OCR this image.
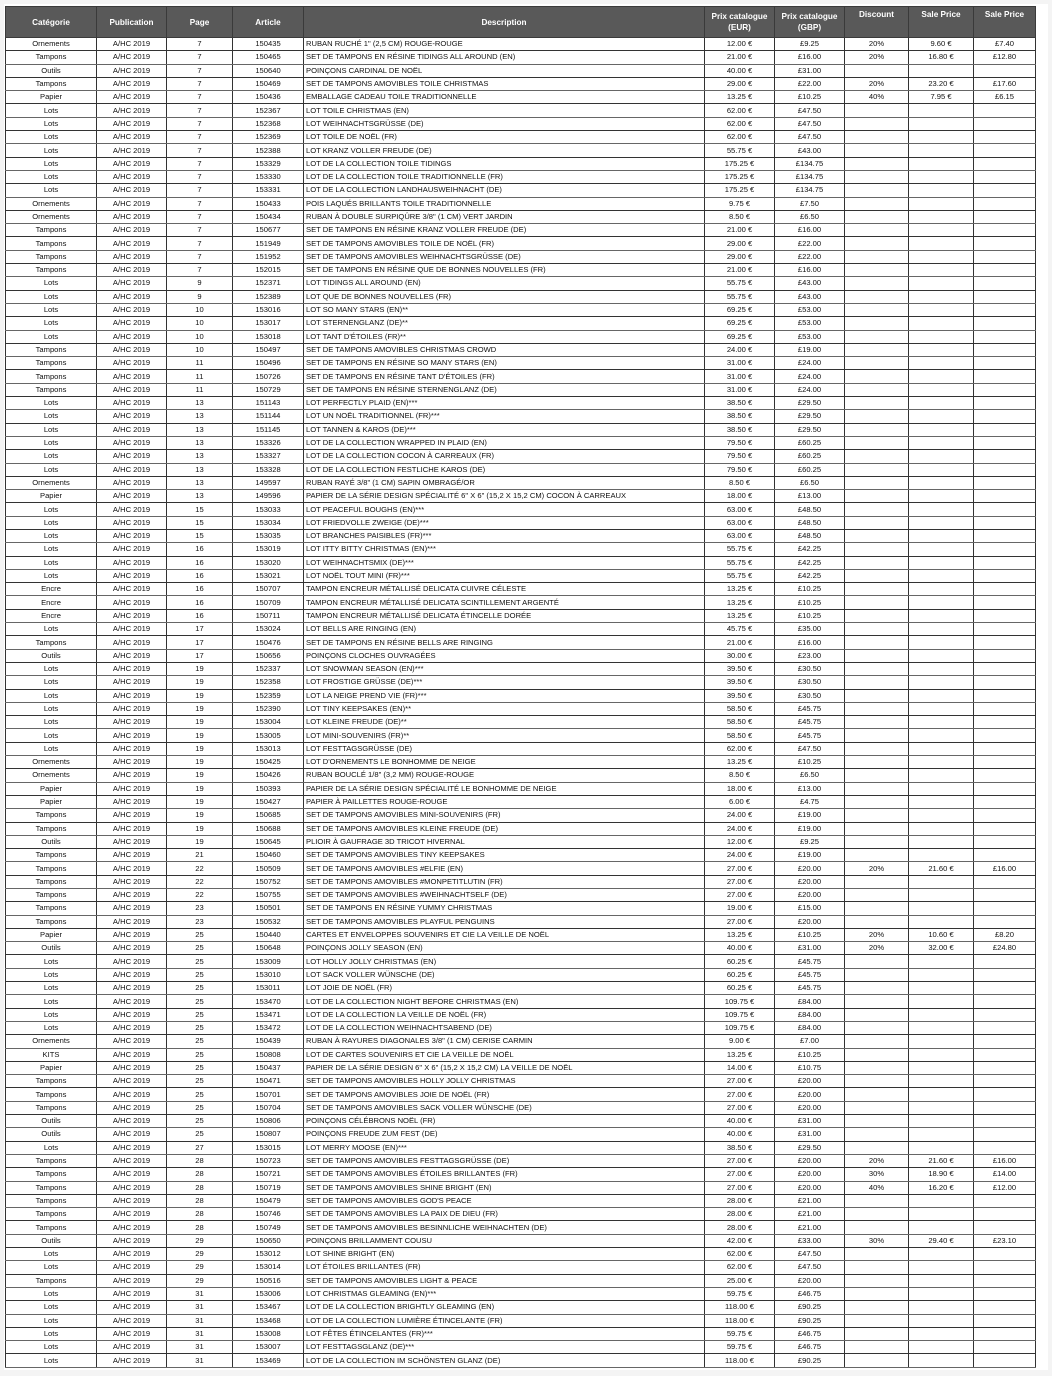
Catégorie	Publication	Page	Article	Description	Prix catalogue (EUR)	Prix catalogue (GBP)	Discount	Sale Price	Sale Price
Ornements	A/HC 2019	7	150435	RUBAN RUCHÉ 1" (2,5 CM) ROUGE-ROUGE	12.00 €	£9.25	20%	9.60 €	£7.40
Tampons	A/HC 2019	7	150465	SET DE TAMPONS EN RÉSINE TIDINGS ALL AROUND (EN)	21.00 €	£16.00	20%	16.80 €	£12.80
Outils	A/HC 2019	7	150640	POINÇONS CARDINAL DE NOËL	40.00 €	£31.00			
Tampons	A/HC 2019	7	150469	SET DE TAMPONS AMOVIBLES TOILE CHRISTMAS	29.00 €	£22.00	20%	23.20 €	£17.60
Papier	A/HC 2019	7	150436	EMBALLAGE CADEAU TOILE TRADITIONNELLE	13.25 €	£10.25	40%	7.95 €	£6.15
Lots	A/HC 2019	7	152367	LOT TOILE CHRISTMAS (EN)	62.00 €	£47.50			
Lots	A/HC 2019	7	152368	LOT WEIHNACHTSGRÜSSE (DE)	62.00 €	£47.50			
Lots	A/HC 2019	7	152369	LOT TOILE DE NOËL (FR)	62.00 €	£47.50			
Lots	A/HC 2019	7	152388	LOT KRANZ VOLLER FREUDE (DE)	55.75 €	£43.00			
Lots	A/HC 2019	7	153329	LOT DE LA COLLECTION TOILE TIDINGS	175.25 €	£134.75			
Lots	A/HC 2019	7	153330	LOT DE LA COLLECTION TOILE TRADITIONNELLE (FR)	175.25 €	£134.75			
Lots	A/HC 2019	7	153331	LOT DE LA COLLECTION LANDHAUSWEIHNACHT (DE)	175.25 €	£134.75			
Ornements	A/HC 2019	7	150433	POIS LAQUÉS BRILLANTS TOILE TRADITIONNELLE	9.75 €	£7.50			
Ornements	A/HC 2019	7	150434	RUBAN À DOUBLE SURPIQÛRE 3/8" (1 CM) VERT JARDIN	8.50 €	£6.50			
Tampons	A/HC 2019	7	150677	SET DE TAMPONS EN RÉSINE KRANZ VOLLER FREUDE (DE)	21.00 €	£16.00			
Tampons	A/HC 2019	7	151949	SET DE TAMPONS AMOVIBLES TOILE DE NOËL (FR)	29.00 €	£22.00			
Tampons	A/HC 2019	7	151952	SET DE TAMPONS AMOVIBLES WEIHNACHTSGRÜSSE (DE)	29.00 €	£22.00			
Tampons	A/HC 2019	7	152015	SET DE TAMPONS EN RÉSINE QUE DE BONNES NOUVELLES (FR)	21.00 €	£16.00			
Lots	A/HC 2019	9	152371	LOT TIDINGS ALL AROUND (EN)	55.75 €	£43.00			
Lots	A/HC 2019	9	152389	LOT QUE DE BONNES NOUVELLES (FR)	55.75 €	£43.00			
Lots	A/HC 2019	10	153016	LOT SO MANY STARS (EN)**	69.25 €	£53.00			
Lots	A/HC 2019	10	153017	LOT STERNENGLANZ (DE)**	69.25 €	£53.00			
Lots	A/HC 2019	10	153018	LOT TANT D'ÉTOILES (FR)**	69.25 €	£53.00			
Tampons	A/HC 2019	10	150497	SET DE TAMPONS AMOVIBLES CHRISTMAS CROWD	24.00 €	£19.00			
Tampons	A/HC 2019	11	150496	SET DE TAMPONS EN RÉSINE SO MANY STARS (EN)	31.00 €	£24.00			
Tampons	A/HC 2019	11	150726	SET DE TAMPONS EN RÉSINE TANT D'ÉTOILES (FR)	31.00 €	£24.00			
Tampons	A/HC 2019	11	150729	SET DE TAMPONS EN RÉSINE STERNENGLANZ (DE)	31.00 €	£24.00			
Lots	A/HC 2019	13	151143	LOT PERFECTLY PLAID (EN)***	38.50 €	£29.50			
Lots	A/HC 2019	13	151144	LOT UN NOËL TRADITIONNEL (FR)***	38.50 €	£29.50			
Lots	A/HC 2019	13	151145	LOT TANNEN & KAROS (DE)***	38.50 €	£29.50			
Lots	A/HC 2019	13	153326	LOT DE LA COLLECTION WRAPPED IN PLAID (EN)	79.50 €	£60.25			
Lots	A/HC 2019	13	153327	LOT DE LA COLLECTION COCON À CARREAUX (FR)	79.50 €	£60.25			
Lots	A/HC 2019	13	153328	LOT DE LA COLLECTION FESTLICHE KAROS (DE)	79.50 €	£60.25			
Ornements	A/HC 2019	13	149597	RUBAN RAYÉ 3/8" (1 CM) SAPIN OMBRAGÉ/OR	8.50 €	£6.50			
Papier	A/HC 2019	13	149596	PAPIER DE LA SÉRIE DESIGN SPÉCIALITÉ 6" X 6" (15,2 X 15,2 CM) COCON À CARREAUX	18.00 €	£13.00			
Lots	A/HC 2019	15	153033	LOT PEACEFUL BOUGHS (EN)***	63.00 €	£48.50			
Lots	A/HC 2019	15	153034	LOT FRIEDVOLLE ZWEIGE (DE)***	63.00 €	£48.50			
Lots	A/HC 2019	15	153035	LOT BRANCHES PAISIBLES (FR)***	63.00 €	£48.50			
Lots	A/HC 2019	16	153019	LOT ITTY BITTY CHRISTMAS (EN)***	55.75 €	£42.25			
Lots	A/HC 2019	16	153020	LOT WEIHNACHTSMIX (DE)***	55.75 €	£42.25			
Lots	A/HC 2019	16	153021	LOT NOËL TOUT MINI (FR)***	55.75 €	£42.25			
Encre	A/HC 2019	16	150707	TAMPON ENCREUR MÉTALLISÉ DELICATA CUIVRE CÉLESTE	13.25 €	£10.25			
Encre	A/HC 2019	16	150709	TAMPON ENCREUR MÉTALLISÉ DELICATA SCINTILLEMENT ARGENTÉ	13.25 €	£10.25			
Encre	A/HC 2019	16	150711	TAMPON ENCREUR MÉTALLISÉ DELICATA ÉTINCELLE DORÉE	13.25 €	£10.25			
Lots	A/HC 2019	17	153024	LOT BELLS ARE RINGING (EN)	45.75 €	£35.00			
Tampons	A/HC 2019	17	150476	SET DE TAMPONS EN RÉSINE BELLS ARE RINGING	21.00 €	£16.00			
Outils	A/HC 2019	17	150656	POINÇONS CLOCHES OUVRAGÉES	30.00 €	£23.00			
Lots	A/HC 2019	19	152337	LOT SNOWMAN SEASON (EN)***	39.50 €	£30.50			
Lots	A/HC 2019	19	152358	LOT FROSTIGE GRÜSSE (DE)***	39.50 €	£30.50			
Lots	A/HC 2019	19	152359	LOT LA NEIGE PREND VIE (FR)***	39.50 €	£30.50			
Lots	A/HC 2019	19	152390	LOT TINY KEEPSAKES (EN)**	58.50 €	£45.75			
Lots	A/HC 2019	19	153004	LOT KLEINE FREUDE (DE)**	58.50 €	£45.75			
Lots	A/HC 2019	19	153005	LOT MINI-SOUVENIRS (FR)**	58.50 €	£45.75			
Lots	A/HC 2019	19	153013	LOT FESTTAGSGRÜSSE (DE)	62.00 €	£47.50			
Ornements	A/HC 2019	19	150425	LOT D'ORNEMENTS LE BONHOMME DE NEIGE	13.25 €	£10.25			
Ornements	A/HC 2019	19	150426	RUBAN BOUCLÉ 1/8" (3,2 MM) ROUGE-ROUGE	8.50 €	£6.50			
Papier	A/HC 2019	19	150393	PAPIER DE LA SÉRIE DESIGN SPÉCIALITÉ LE BONHOMME DE NEIGE	18.00 €	£13.00			
Papier	A/HC 2019	19	150427	PAPIER À PAILLETTES ROUGE-ROUGE	6.00 €	£4.75			
Tampons	A/HC 2019	19	150685	SET DE TAMPONS AMOVIBLES MINI-SOUVENIRS (FR)	24.00 €	£19.00			
Tampons	A/HC 2019	19	150688	SET DE TAMPONS AMOVIBLES KLEINE FREUDE (DE)	24.00 €	£19.00			
Outils	A/HC 2019	19	150645	PLIOIR À GAUFRAGE 3D TRICOT HIVERNAL	12.00 €	£9.25			
Tampons	A/HC 2019	21	150460	SET DE TAMPONS AMOVIBLES TINY KEEPSAKES	24.00 €	£19.00			
Tampons	A/HC 2019	22	150509	SET DE TAMPONS AMOVIBLES #ELFIE (EN)	27.00 €	£20.00	20%	21.60 €	£16.00
Tampons	A/HC 2019	22	150752	SET DE TAMPONS AMOVIBLES #MONPETITLUTIN (FR)	27.00 €	£20.00			
Tampons	A/HC 2019	22	150755	SET DE TAMPONS AMOVIBLES #WEIHNACHTSELF (DE)	27.00 €	£20.00			
Tampons	A/HC 2019	23	150501	SET DE TAMPONS EN RÉSINE YUMMY CHRISTMAS	19.00 €	£15.00			
Tampons	A/HC 2019	23	150532	SET DE TAMPONS AMOVIBLES PLAYFUL PENGUINS	27.00 €	£20.00			
Papier	A/HC 2019	25	150440	CARTES ET ENVELOPPES SOUVENIRS ET CIE LA VEILLE DE NOËL	13.25 €	£10.25	20%	10.60 €	£8.20
Outils	A/HC 2019	25	150648	POINÇONS JOLLY SEASON (EN)	40.00 €	£31.00	20%	32.00 €	£24.80
Lots	A/HC 2019	25	153009	LOT HOLLY JOLLY CHRISTMAS (EN)	60.25 €	£45.75			
Lots	A/HC 2019	25	153010	LOT SACK VOLLER WÜNSCHE (DE)	60.25 €	£45.75			
Lots	A/HC 2019	25	153011	LOT JOIE DE NOËL (FR)	60.25 €	£45.75			
Lots	A/HC 2019	25	153470	LOT DE LA COLLECTION NIGHT BEFORE CHRISTMAS (EN)	109.75 €	£84.00			
Lots	A/HC 2019	25	153471	LOT DE LA COLLECTION LA VEILLE DE NOËL (FR)	109.75 €	£84.00			
Lots	A/HC 2019	25	153472	LOT DE LA COLLECTION WEIHNACHTSABEND (DE)	109.75 €	£84.00			
Ornements	A/HC 2019	25	150439	RUBAN À RAYURES DIAGONALES 3/8" (1 CM) CERISE CARMIN	9.00 €	£7.00			
KITS	A/HC 2019	25	150808	LOT DE CARTES SOUVENIRS ET CIE LA VEILLE DE NOËL	13.25 €	£10.25			
Papier	A/HC 2019	25	150437	PAPIER DE LA SÉRIE DESIGN 6" X 6" (15,2 X 15,2 CM) LA VEILLE DE NOËL	14.00 €	£10.75			
Tampons	A/HC 2019	25	150471	SET DE TAMPONS AMOVIBLES HOLLY JOLLY CHRISTMAS	27.00 €	£20.00			
Tampons	A/HC 2019	25	150701	SET DE TAMPONS AMOVIBLES JOIE DE NOËL (FR)	27.00 €	£20.00			
Tampons	A/HC 2019	25	150704	SET DE TAMPONS AMOVIBLES SACK VOLLER WÜNSCHE (DE)	27.00 €	£20.00			
Outils	A/HC 2019	25	150806	POINÇONS CÉLÉBRONS NOËL (FR)	40.00 €	£31.00			
Outils	A/HC 2019	25	150807	POINÇONS FREUDE ZUM FEST (DE)	40.00 €	£31.00			
Lots	A/HC 2019	27	153015	LOT MERRY MOOSE (EN)***	38.50 €	£29.50			
Tampons	A/HC 2019	28	150723	SET DE TAMPONS AMOVIBLES FESTTAGSGRÜSSE (DE)	27.00 €	£20.00	20%	21.60 €	£16.00
Tampons	A/HC 2019	28	150721	SET DE TAMPONS AMOVIBLES ÉTOILES BRILLANTES (FR)	27.00 €	£20.00	30%	18.90 €	£14.00
Tampons	A/HC 2019	28	150719	SET DE TAMPONS AMOVIBLES SHINE BRIGHT (EN)	27.00 €	£20.00	40%	16.20 €	£12.00
Tampons	A/HC 2019	28	150479	SET DE TAMPONS AMOVIBLES GOD'S PEACE	28.00 €	£21.00			
Tampons	A/HC 2019	28	150746	SET DE TAMPONS AMOVIBLES LA PAIX DE DIEU (FR)	28.00 €	£21.00			
Tampons	A/HC 2019	28	150749	SET DE TAMPONS AMOVIBLES BESINNLICHE WEIHNACHTEN (DE)	28.00 €	£21.00			
Outils	A/HC 2019	29	150650	POINÇONS BRILLAMMENT COUSU	42.00 €	£33.00	30%	29.40 €	£23.10
Lots	A/HC 2019	29	153012	LOT SHINE BRIGHT (EN)	62.00 €	£47.50			
Lots	A/HC 2019	29	153014	LOT ÉTOILES BRILLANTES (FR)	62.00 €	£47.50			
Tampons	A/HC 2019	29	150516	SET DE TAMPONS AMOVIBLES LIGHT & PEACE	25.00 €	£20.00			
Lots	A/HC 2019	31	153006	LOT CHRISTMAS GLEAMING (EN)***	59.75 €	£46.75			
Lots	A/HC 2019	31	153467	LOT DE LA COLLECTION BRIGHTLY GLEAMING (EN)	118.00 €	£90.25			
Lots	A/HC 2019	31	153468	LOT DE LA COLLECTION LUMIÈRE ÉTINCELANTE (FR)	118.00 €	£90.25			
Lots	A/HC 2019	31	153008	LOT FÊTES ÉTINCELANTES (FR)***	59.75 €	£46.75			
Lots	A/HC 2019	31	153007	LOT FESTTAGSGLANZ (DE)***	59.75 €	£46.75			
Lots	A/HC 2019	31	153469	LOT DE LA COLLECTION IM SCHÖNSTEN GLANZ (DE)	118.00 €	£90.25			
